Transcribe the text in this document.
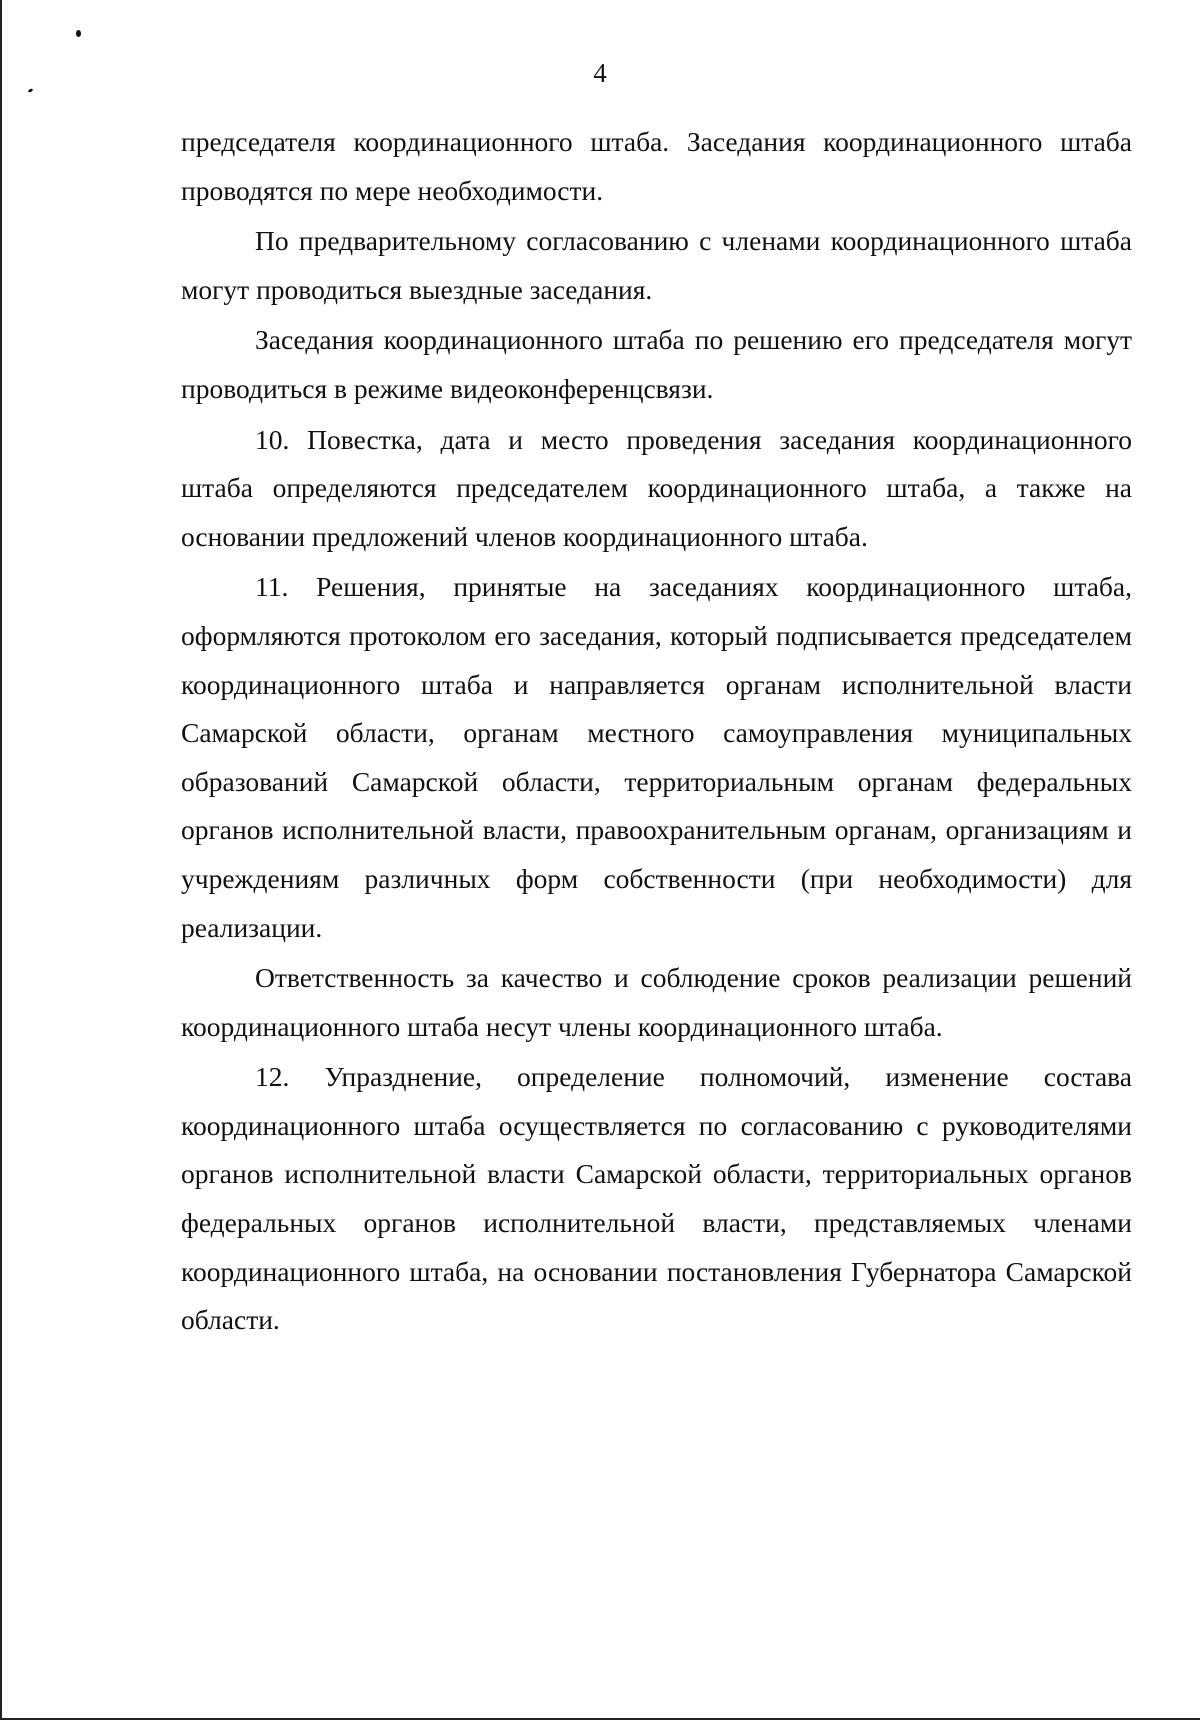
4

председателя координационного штаба. Заседания координационного штаба проводятся по мере необходимости.

По предварительному согласованию с членами координационного штаба могут проводиться выездные заседания.

Заседания координационного штаба по решению его председателя могут проводиться в режиме видеоконференцсвязи.

10. Повестка, дата и место проведения заседания координационного штаба определяются председателем координационного штаба, а также на основании предложений членов координационного штаба.

11. Решения, принятые на заседаниях координационного штаба, оформляются протоколом его заседания, который подписывается председателем координационного штаба и направляется органам исполнительной власти Самарской области, органам местного самоуправления муниципальных образований Самарской области, территориальным органам федеральных органов исполнительной власти, правоохранительным органам, организациям и учреждениям различных форм собственности (при необходимости) для реализации.

Ответственность за качество и соблюдение сроков реализации решений координационного штаба несут члены координационного штаба.

12. Упразднение, определение полномочий, изменение состава координационного штаба осуществляется по согласованию с руководителями органов исполнительной власти Самарской области, территориальных органов федеральных органов исполнительной власти, представляемых членами координационного штаба, на основании постановления Губернатора Самарской области.
